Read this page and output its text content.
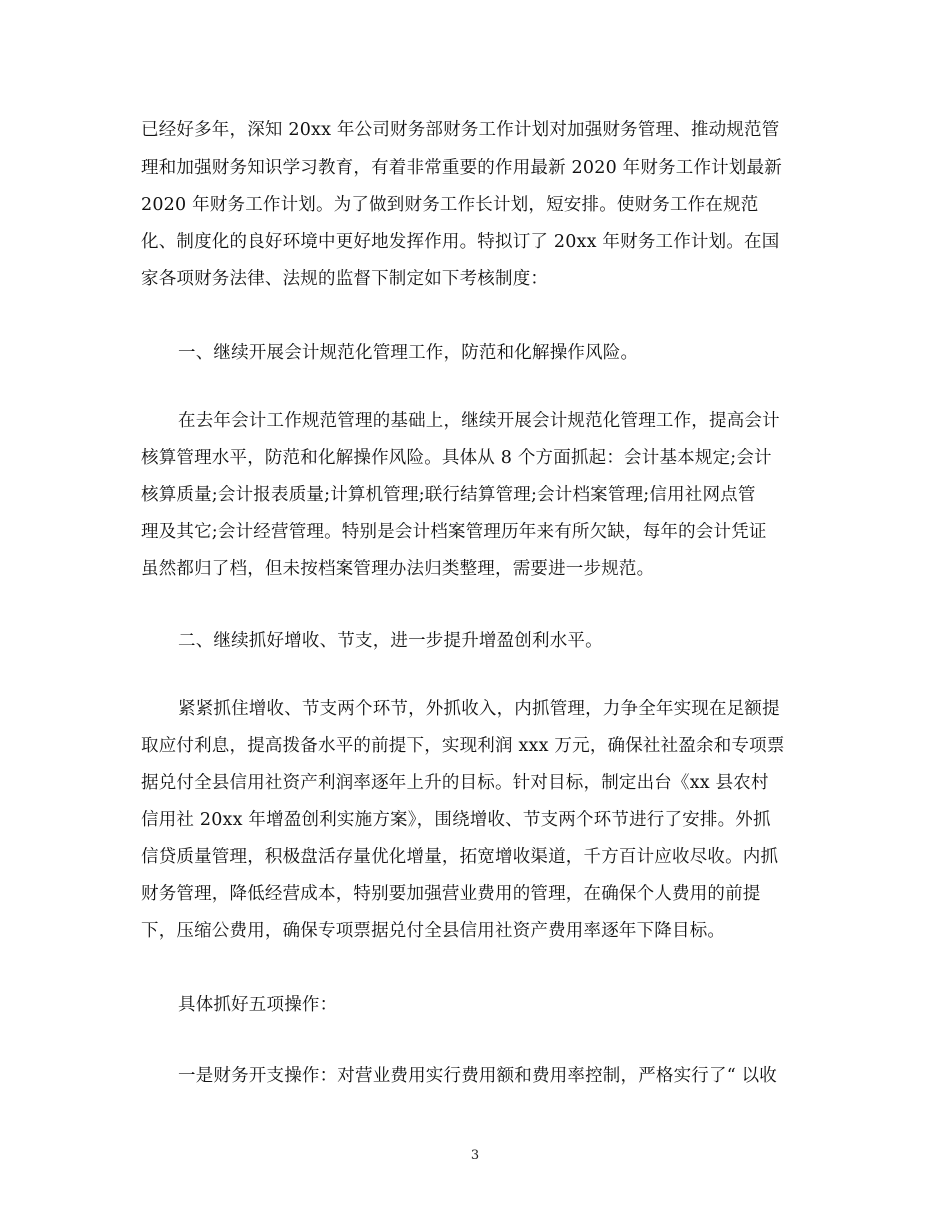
已经好多年，深知 20xx 年公司财务部财务工作计划对加强财务管理、推动规范管
理和加强财务知识学习教育，有着非常重要的作用最新 2020 年财务工作计划最新
2020 年财务工作计划。为了做到财务工作长计划，短安排。使财务工作在规范
化、制度化的良好环境中更好地发挥作用。特拟订了 20xx 年财务工作计划。在国
家各项财务法律、法规的监督下制定如下考核制度：
一、继续开展会计规范化管理工作，防范和化解操作风险。
在去年会计工作规范管理的基础上，继续开展会计规范化管理工作，提高会计
核算管理水平，防范和化解操作风险。具体从 8 个方面抓起：会计基本规定;会计
核算质量;会计报表质量;计算机管理;联行结算管理;会计档案管理;信用社网点管
理及其它;会计经营管理。特别是会计档案管理历年来有所欠缺，每年的会计凭证
虽然都归了档，但未按档案管理办法归类整理，需要进一步规范。
二、继续抓好增收、节支，进一步提升增盈创利水平。
紧紧抓住增收、节支两个环节，外抓收入，内抓管理，力争全年实现在足额提
取应付利息，提高拨备水平的前提下，实现利润 xxx 万元，确保社社盈余和专项票
据兑付全县信用社资产利润率逐年上升的目标。针对目标，制定出台《xx 县农村
信用社 20xx 年增盈创利实施方案》，围绕增收、节支两个环节进行了安排。外抓
信贷质量管理，积极盘活存量优化增量，拓宽增收渠道，千方百计应收尽收。内抓
财务管理，降低经营成本，特别要加强营业费用的管理，在确保个人费用的前提
下，压缩公费用，确保专项票据兑付全县信用社资产费用率逐年下降目标。
具体抓好五项操作：
一是财务开支操作：对营业费用实行费用额和费用率控制，严格实行了“ 以收
3
